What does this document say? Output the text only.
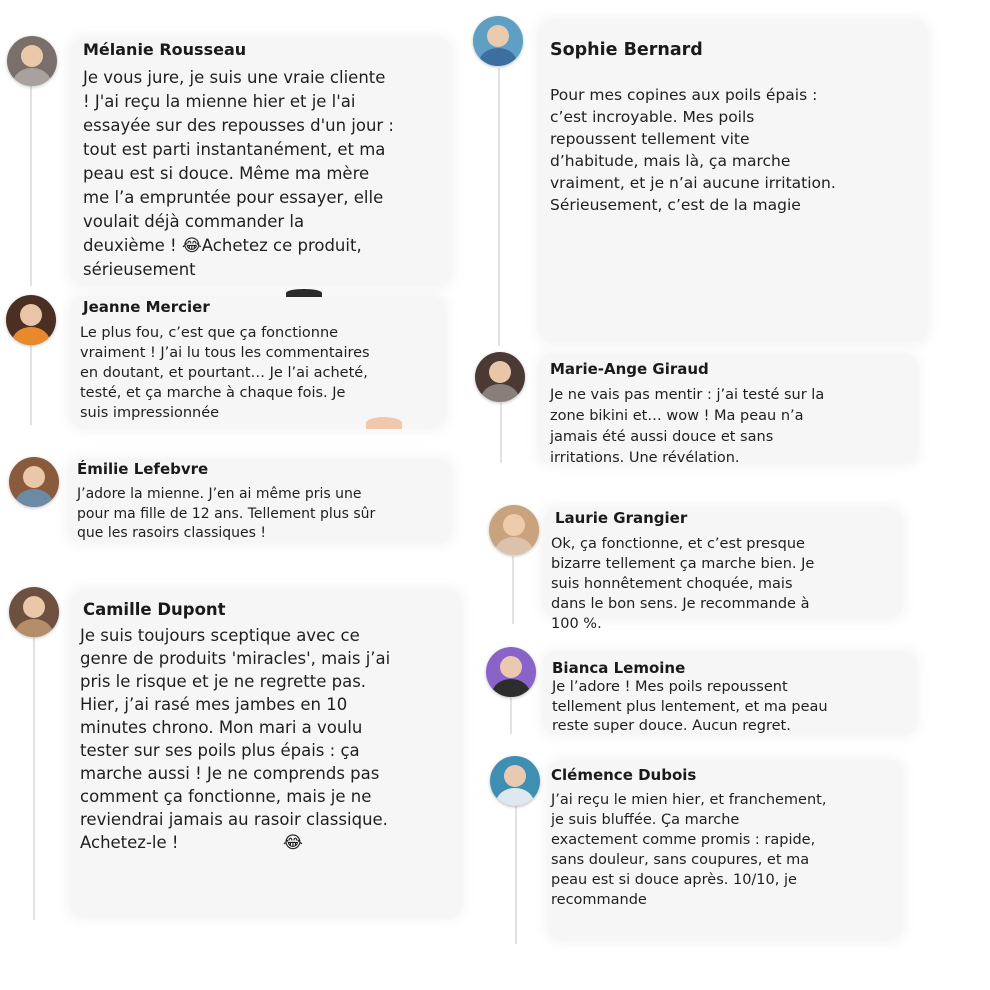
Mélanie Rousseau
Je vous jure, je suis une vraie cliente
! J'ai reçu la mienne hier et je l'ai
essayée sur des repousses d'un jour :
tout est parti instantanément, et ma
peau est si douce. Même ma mère
me l’a empruntée pour essayer, elle
voulait déjà commander la
deuxième ! 😂Achetez ce produit,
sérieusement
Jeanne Mercier
Le plus fou, c’est que ça fonctionne
vraiment ! J’ai lu tous les commentaires
en doutant, et pourtant… Je l’ai acheté,
testé, et ça marche à chaque fois. Je
suis impressionnée
Émilie Lefebvre
J’adore la mienne. J’en ai même pris une
pour ma fille de 12 ans. Tellement plus sûr
que les rasoirs classiques !
Camille Dupont
Je suis toujours sceptique avec ce
genre de produits 'miracles', mais j’ai
pris le risque et je ne regrette pas.
Hier, j’ai rasé mes jambes en 10
minutes chrono. Mon mari a voulu
tester sur ses poils plus épais : ça
marche aussi ! Je ne comprends pas
comment ça fonctionne, mais je ne
reviendrai jamais au rasoir classique.
Achetez-le !	😂
Sophie Bernard
Pour mes copines aux poils épais :
c’est incroyable. Mes poils
repoussent tellement vite
d’habitude, mais là, ça marche
vraiment, et je n’ai aucune irritation.
Sérieusement, c’est de la magie
Marie-Ange Giraud
Je ne vais pas mentir : j’ai testé sur la
zone bikini et… wow ! Ma peau n’a
jamais été aussi douce et sans
irritations. Une révélation.
Laurie Grangier
Ok, ça fonctionne, et c’est presque
bizarre tellement ça marche bien. Je
suis honnêtement choquée, mais
dans le bon sens. Je recommande à
100 %.
Bianca Lemoine
Je l’adore ! Mes poils repoussent
tellement plus lentement, et ma peau
reste super douce. Aucun regret.
Clémence Dubois
J’ai reçu le mien hier, et franchement,
je suis bluffée. Ça marche
exactement comme promis : rapide,
sans douleur, sans coupures, et ma
peau est si douce après. 10/10, je
recommande
